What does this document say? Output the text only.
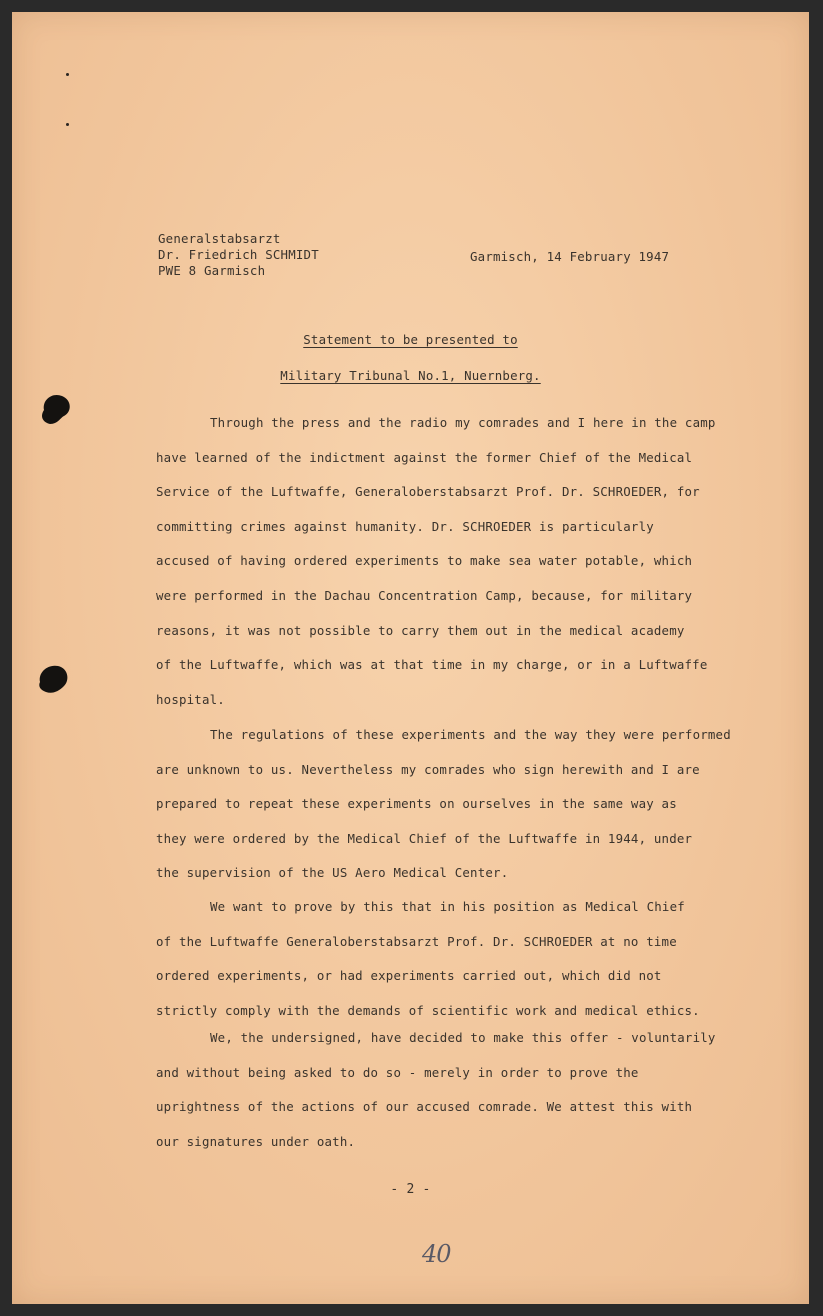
Generalstabsarzt
Dr. Friedrich SCHMIDT
PWE 8 Garmisch
Garmisch, 14 February 1947
Statement to be presented to
Military Tribunal No.1, Nuernberg.
Through the press and the radio my comrades and I here in the camp
have learned of the indictment against the former Chief of the Medical
Service of the Luftwaffe, Generaloberstabsarzt Prof. Dr. SCHROEDER, for
committing crimes against humanity. Dr. SCHROEDER is particularly
accused of having ordered experiments to make sea water potable, which
were performed in the Dachau Concentration Camp, because, for military
reasons, it was not possible to carry them out in the medical academy
of the Luftwaffe, which was at that time in my charge, or in a Luftwaffe
hospital.
The regulations of these experiments and the way they were performed
are unknown to us. Nevertheless my comrades who sign herewith and I are
prepared to repeat these experiments on ourselves in the same way as
they were ordered by the Medical Chief of the Luftwaffe in 1944, under
the supervision of the US Aero Medical Center.
We want to prove by this that in his position as Medical Chief
of the Luftwaffe Generaloberstabsarzt Prof. Dr. SCHROEDER at no time
ordered experiments, or had experiments carried out, which did not
strictly comply with the demands of scientific work and medical ethics.
We, the undersigned, have decided to make this offer - voluntarily
and without being asked to do so - merely in order to prove the
uprightness of the actions of our accused comrade. We attest this with
our signatures under oath.
- 2 -
40
